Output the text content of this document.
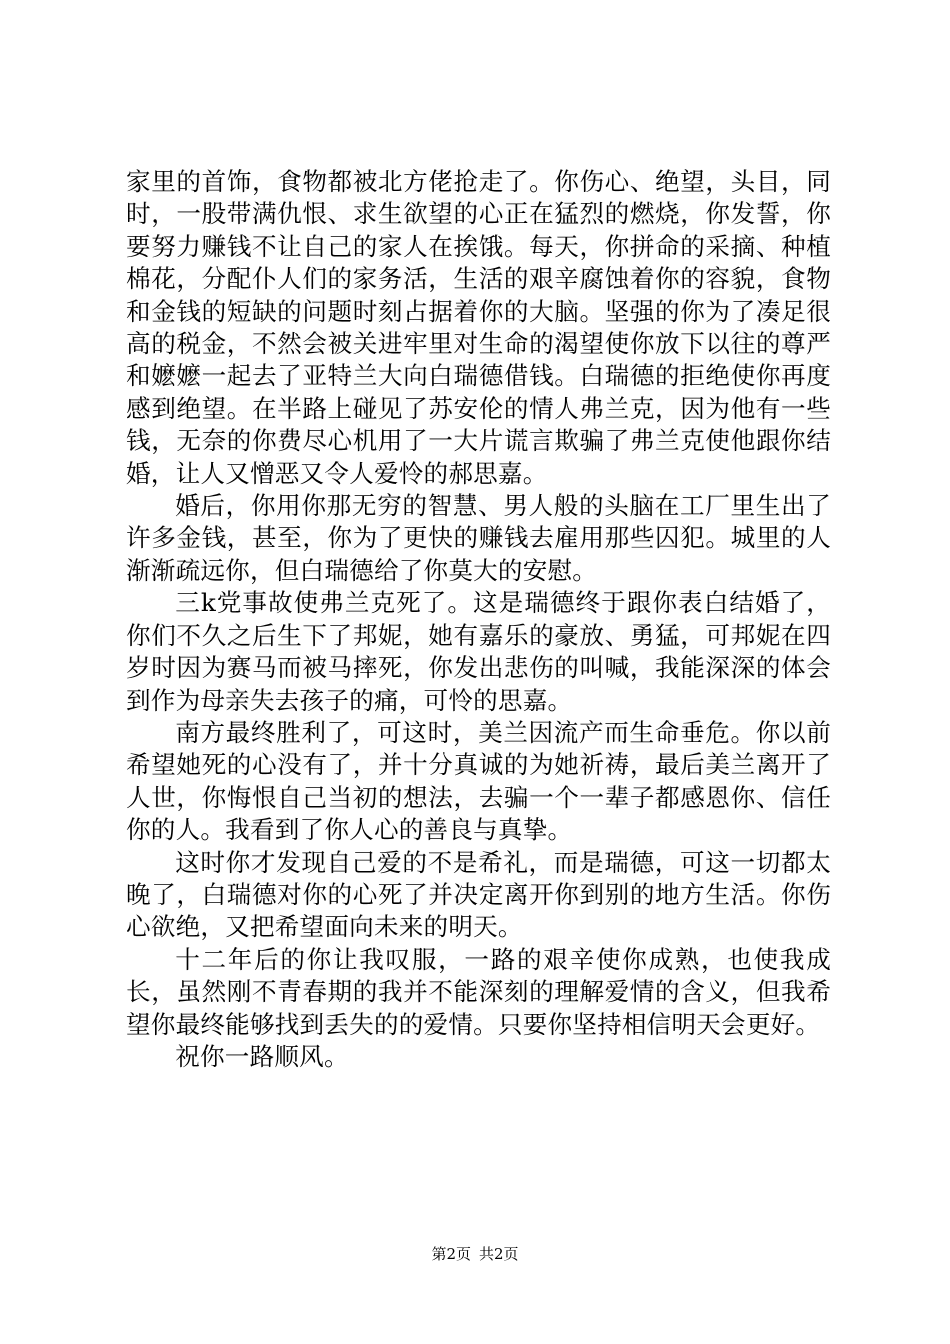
家里的首饰，食物都被北方佬抢走了。你伤心、绝望，头目，同时，一股带满仇恨、求生欲望的心正在猛烈的燃烧，你发誓，你要努力赚钱不让自己的家人在挨饿。每天，你拼命的采摘、种植棉花，分配仆人们的家务活，生活的艰辛腐蚀着你的容貌，食物和金钱的短缺的问题时刻占据着你的大脑。坚强的你为了凑足很高的税金，不然会被关进牢里对生命的渴望使你放下以往的尊严和嬷嬷一起去了亚特兰大向白瑞德借钱。白瑞德的拒绝使你再度感到绝望。在半路上碰见了苏安伦的情人弗兰克，因为他有一些钱，无奈的你费尽心机用了一大片谎言欺骗了弗兰克使他跟你结婚，让人又憎恶又令人爱怜的郝思嘉。

婚后，你用你那无穷的智慧、男人般的头脑在工厂里生出了许多金钱，甚至，你为了更快的赚钱去雇用那些囚犯。城里的人渐渐疏远你，但白瑞德给了你莫大的安慰。

三k党事故使弗兰克死了。这是瑞德终于跟你表白结婚了，你们不久之后生下了邦妮，她有嘉乐的豪放、勇猛，可邦妮在四岁时因为赛马而被马摔死，你发出悲伤的叫喊，我能深深的体会到作为母亲失去孩子的痛，可怜的思嘉。

南方最终胜利了，可这时，美兰因流产而生命垂危。你以前希望她死的心没有了，并十分真诚的为她祈祷，最后美兰离开了人世，你悔恨自己当初的想法，去骗一个一辈子都感恩你、信任你的人。我看到了你人心的善良与真挚。

这时你才发现自己爱的不是希礼，而是瑞德，可这一切都太晚了，白瑞德对你的心死了并决定离开你到别的地方生活。你伤心欲绝，又把希望面向未来的明天。

十二年后的你让我叹服，一路的艰辛使你成熟，也使我成长，虽然刚不青春期的我并不能深刻的理解爱情的含义，但我希望你最终能够找到丢失的的爱情。只要你坚持相信明天会更好。

祝你一路顺风。

第2页 共2页
